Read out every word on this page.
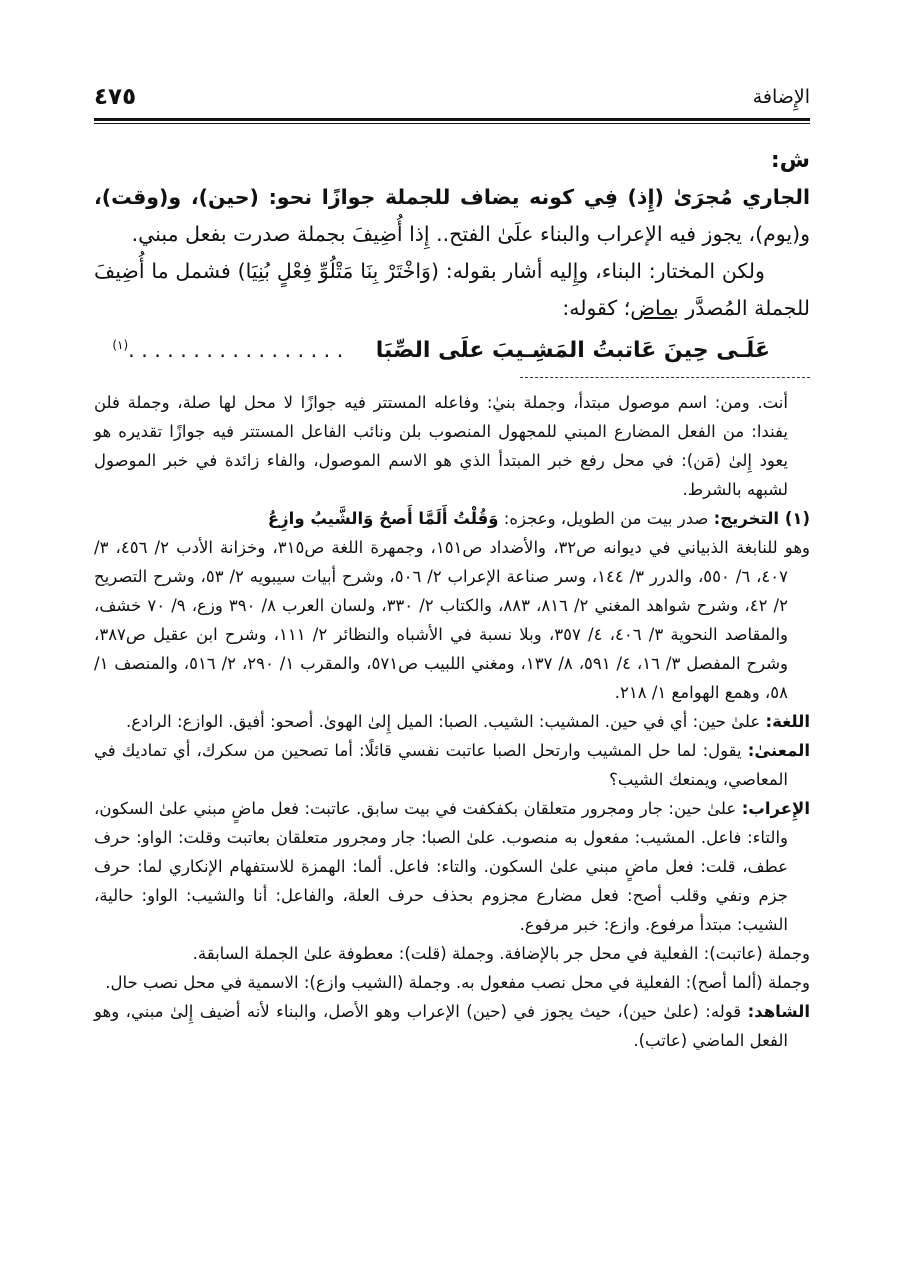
الإِضافة
٤٧٥

ش:

الجاري مُجرَىٰ (إِذ) فِي كونه يضاف للجملة جوازًا نحو: (حين)، و(وقت)، و(يوم)، يجوز فيه الإعراب والبناء علَىٰ الفتح.. إِذا أُضِيفَ بجملة صدرت بفعل مبني.

ولكن المختار: البناء، وإِليه أشار بقوله: (وَاخْتَرْ بِنَا مَتْلُوِّ فِعْلٍ بُنِيَا) فشمل ما أُضِيفَ للجملة المُصدَّر بماض؛ كقوله:

عَلَـى حِينَ عَاتبتُ المَشِـيبَ علَى الصِّبَا . . . . . . . . . . . . . . . . .$^{(١)}$

أنت. ومن: اسم موصول مبتدأ، وجملة بنيٰ: وفاعله المستتر فيه جوازًا لا محل لها صلة، وجملة فلن يفندا: من الفعل المضارع المبني للمجهول المنصوب بلن ونائب الفاعل المستتر فيه جوازًا تقديره هو يعود إِلىٰ (مَن): في محل رفع خبر المبتدأ الذي هو الاسم الموصول، والفاء زائدة في خبر الموصول لشبهه بالشرط.

(١) التخريج: صدر بيت من الطويل، وعجزه: وَقُلْتُ أَلَمَّا أَصحُ وَالشَّيبُ وازِعُ

وهو للنابغة الذبياني في ديوانه ص٣٢، والأضداد ص١٥١، وجمهرة اللغة ص٣١٥، وخزانة الأدب ٢/ ٤٥٦، ٣/ ٤٠٧، ٦/ ٥٥٠، والدرر ٣/ ١٤٤، وسر صناعة الإعراب ٢/ ٥٠٦، وشرح أبيات سيبويه ٢/ ٥٣، وشرح التصريح ٢/ ٤٢، وشرح شواهد المغني ٢/ ٨١٦، ٨٨٣، والكتاب ٢/ ٣٣٠، ولسان العرب ٨/ ٣٩٠ وزع، ٩/ ٧٠ خشف، والمقاصد النحوية ٣/ ٤٠٦، ٤/ ٣٥٧، وبلا نسبة في الأشباه والنظائر ٢/ ١١١، وشرح ابن عقيل ص٣٨٧، وشرح المفصل ٣/ ١٦، ٤/ ٥٩١، ٨/ ١٣٧، ومغني اللبيب ص٥٧١، والمقرب ١/ ٢٩٠، ٢/ ٥١٦، والمنصف ١/ ٥٨، وهمع الهوامع ١/ ٢١٨.

اللغة: علىٰ حين: أي في حين. المشيب: الشيب. الصبا: الميل إِلىٰ الهوىٰ. أصحو: أفيق. الوازع: الرادع.

المعنىٰ: يقول: لما حل المشيب وارتحل الصبا عاتبت نفسي قائلًا: أما تصحين من سكرك، أي تماديك في المعاصي، ويمنعك الشيب؟

الإِعراب: علىٰ حين: جار ومجرور متعلقان بكفكفت في بيت سابق. عاتبت: فعل ماضٍ مبني علىٰ السكون، والتاء: فاعل. المشيب: مفعول به منصوب. علىٰ الصبا: جار ومجرور متعلقان بعاتبت وقلت: الواو: حرف عطف، قلت: فعل ماضٍ مبني علىٰ السكون. والتاء: فاعل. ألما: الهمزة للاستفهام الإنكاري لما: حرف جزم ونفي وقلب أصح: فعل مضارع مجزوم بحذف حرف العلة، والفاعل: أنا والشيب: الواو: حالية، الشيب: مبتدأ مرفوع. وازع: خبر مرفوع.

وجملة (عاتبت): الفعلية في محل جر بالإضافة. وجملة (قلت): معطوفة علىٰ الجملة السابقة.

وجملة (ألما أصح): الفعلية في محل نصب مفعول به. وجملة (الشيب وازع): الاسمية في محل نصب حال.

الشاهد: قوله: (علىٰ حين)، حيث يجوز في (حين) الإعراب وهو الأصل، والبناء لأنه أضيف إِلىٰ مبني، وهو الفعل الماضي (عاتب).
